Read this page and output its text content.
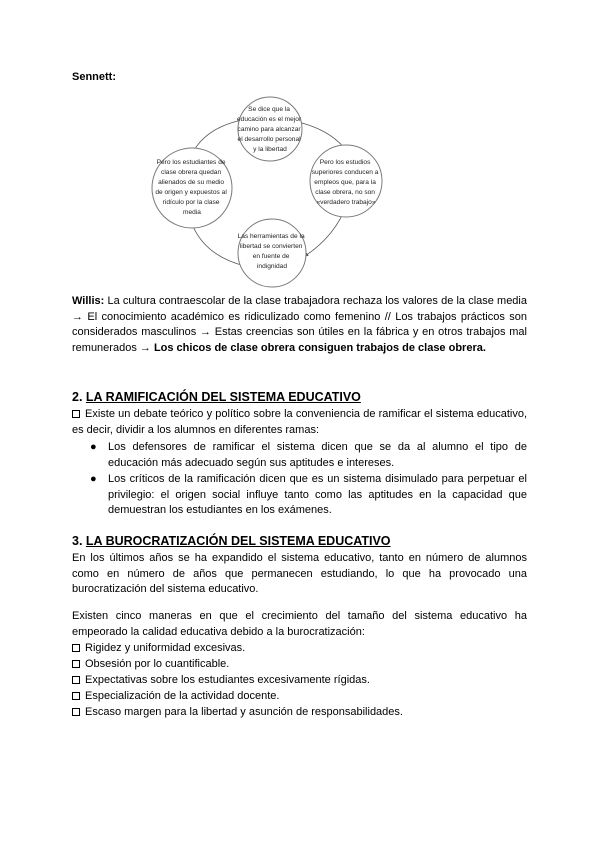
Sennett:
Se dice que la educación es el mejor camino para alcanzar el desarrollo personal y la libertad
Pero los estudios superiores conducen a empleos que, para la clase obrera, no son «verdadero trabajo»
Las herramientas de la libertad se convierten en fuente de indignidad
Pero los estudiantes de clase obrera quedan alienados de su medio de origen y expuestos al ridículo por la clase media
Willis: La cultura contraescolar de la clase trabajadora rechaza los valores de la clase media → El conocimiento académico es ridiculizado como femenino // Los trabajos prácticos son considerados masculinos → Estas creencias son útiles en la fábrica y en otros trabajos mal remunerados → Los chicos de clase obrera consiguen trabajos de clase obrera.
2. LA RAMIFICACIÓN DEL SISTEMA EDUCATIVO
Existe un debate teórico y político sobre la conveniencia de ramificar el sistema educativo, es decir, dividir a los alumnos en diferentes ramas:
● Los defensores de ramificar el sistema dicen que se da al alumno el tipo de educación más adecuado según sus aptitudes e intereses.
● Los críticos de la ramificación dicen que es un sistema disimulado para perpetuar el privilegio: el origen social influye tanto como las aptitudes en la capacidad que demuestran los estudiantes en los exámenes.
3. LA BUROCRATIZACIÓN DEL SISTEMA EDUCATIVO
En los últimos años se ha expandido el sistema educativo, tanto en número de alumnos como en número de años que permanecen estudiando, lo que ha provocado una burocratización del sistema educativo.
Existen cinco maneras en que el crecimiento del tamaño del sistema educativo ha empeorado la calidad educativa debido a la burocratización:
Rigidez y uniformidad excesivas.
Obsesión por lo cuantificable.
Expectativas sobre los estudiantes excesivamente rígidas.
Especialización de la actividad docente.
Escaso margen para la libertad y asunción de responsabilidades.
